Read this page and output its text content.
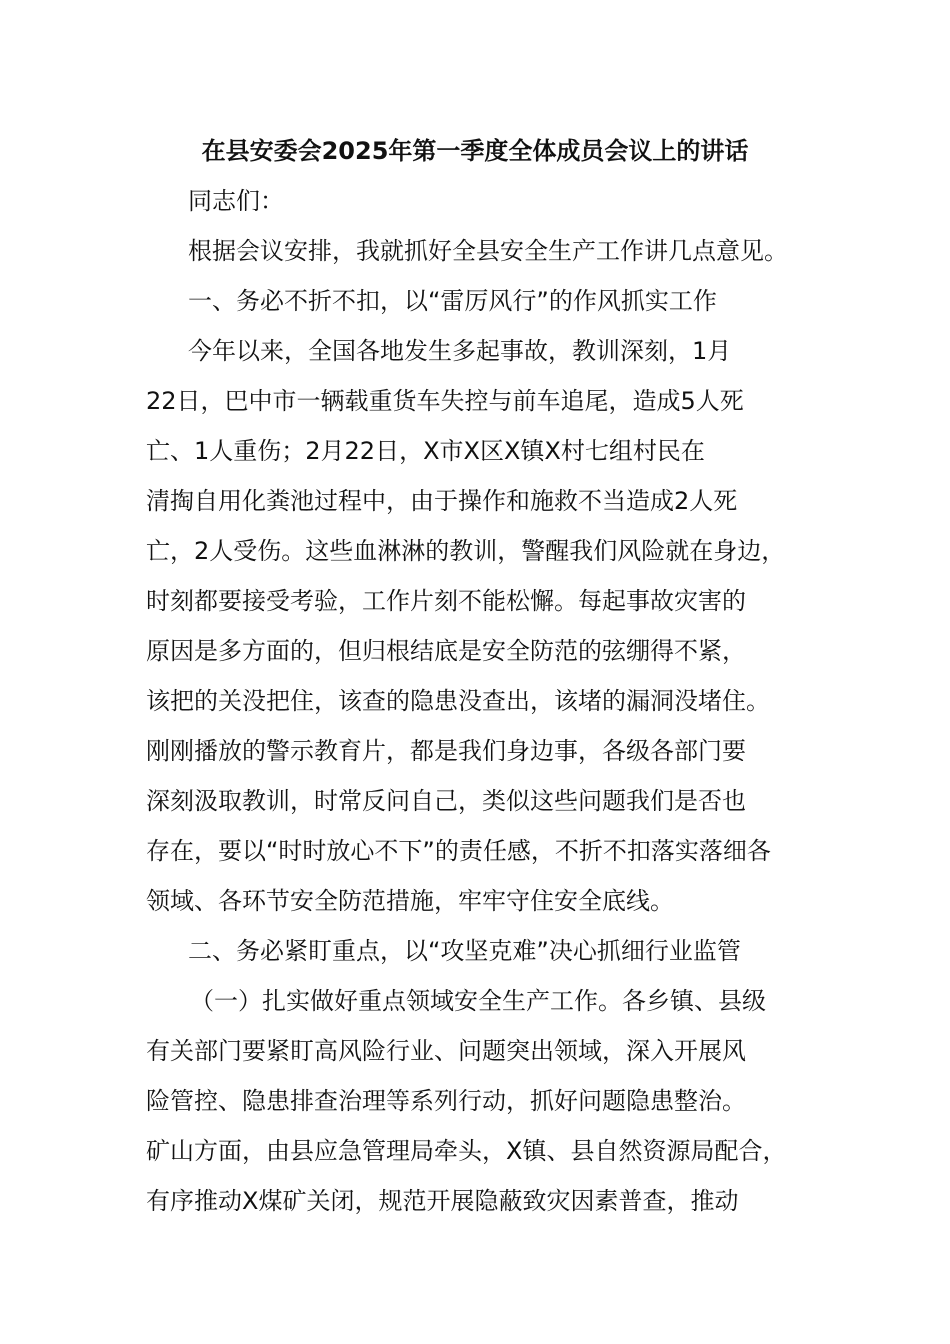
在县安委会2025年第一季度全体成员会议上的讲话
同志们：
根据会议安排，我就抓好全县安全生产工作讲几点意见。
一、务必不折不扣，以“雷厉风行”的作风抓实工作
今年以来，全国各地发生多起事故，教训深刻，1月
22日，巴中市一辆载重货车失控与前车追尾，造成5人死
亡、1人重伤；2月22日，X市X区X镇X村七组村民在
清掏自用化粪池过程中，由于操作和施救不当造成2人死
亡，2人受伤。这些血淋淋的教训，警醒我们风险就在身边，
时刻都要接受考验，工作片刻不能松懈。每起事故灾害的
原因是多方面的，但归根结底是安全防范的弦绷得不紧，
该把的关没把住，该查的隐患没查出，该堵的漏洞没堵住。
刚刚播放的警示教育片，都是我们身边事，各级各部门要
深刻汲取教训，时常反问自己，类似这些问题我们是否也
存在，要以“时时放心不下”的责任感，不折不扣落实落细各
领域、各环节安全防范措施，牢牢守住安全底线。
二、务必紧盯重点，以“攻坚克难”决心抓细行业监管
（一）扎实做好重点领域安全生产工作。各乡镇、县级
有关部门要紧盯高风险行业、问题突出领域，深入开展风
险管控、隐患排查治理等系列行动，抓好问题隐患整治。
矿山方面，由县应急管理局牵头，X镇、县自然资源局配合，
有序推动X煤矿关闭，规范开展隐蔽致灾因素普查，推动
